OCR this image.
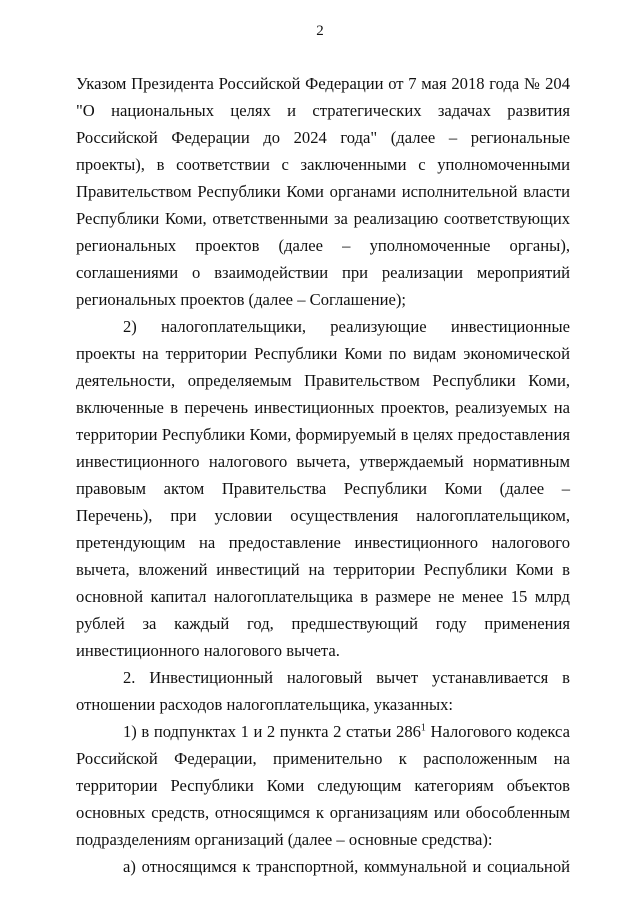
2

Указом Президента Российской Федерации от 7 мая 2018 года № 204 "О национальных целях и стратегических задачах развития Российской Федерации до 2024 года" (далее – региональные проекты), в соответствии с заключенными с уполномоченными Правительством Республики Коми органами исполнительной власти Республики Коми, ответственными за реализацию соответствующих региональных проектов (далее – уполномоченные органы), соглашениями о взаимодействии при реализации мероприятий региональных проектов (далее – Соглашение);

2) налогоплательщики, реализующие инвестиционные проекты на территории Республики Коми по видам экономической деятельности, определяемым Правительством Республики Коми, включенные в перечень инвестиционных проектов, реализуемых на территории Республики Коми, формируемый в целях предоставления инвестиционного налогового вычета, утверждаемый нормативным правовым актом Правительства Республики Коми (далее – Перечень), при условии осуществления налогоплательщиком, претендующим на предоставление инвестиционного налогового вычета, вложений инвестиций на территории Республики Коми в основной капитал налогоплательщика в размере не менее 15 млрд рублей за каждый год, предшествующий году применения инвестиционного налогового вычета.

2. Инвестиционный налоговый вычет устанавливается в отношении расходов налогоплательщика, указанных:

1) в подпунктах 1 и 2 пункта 2 статьи $286^1$ Налогового кодекса Российской Федерации, применительно к расположенным на территории Республики Коми следующим категориям объектов основных средств, относящимся к организациям или обособленным подразделениям организаций (далее – основные средства):

а) относящимся к транспортной, коммунальной и социальной
